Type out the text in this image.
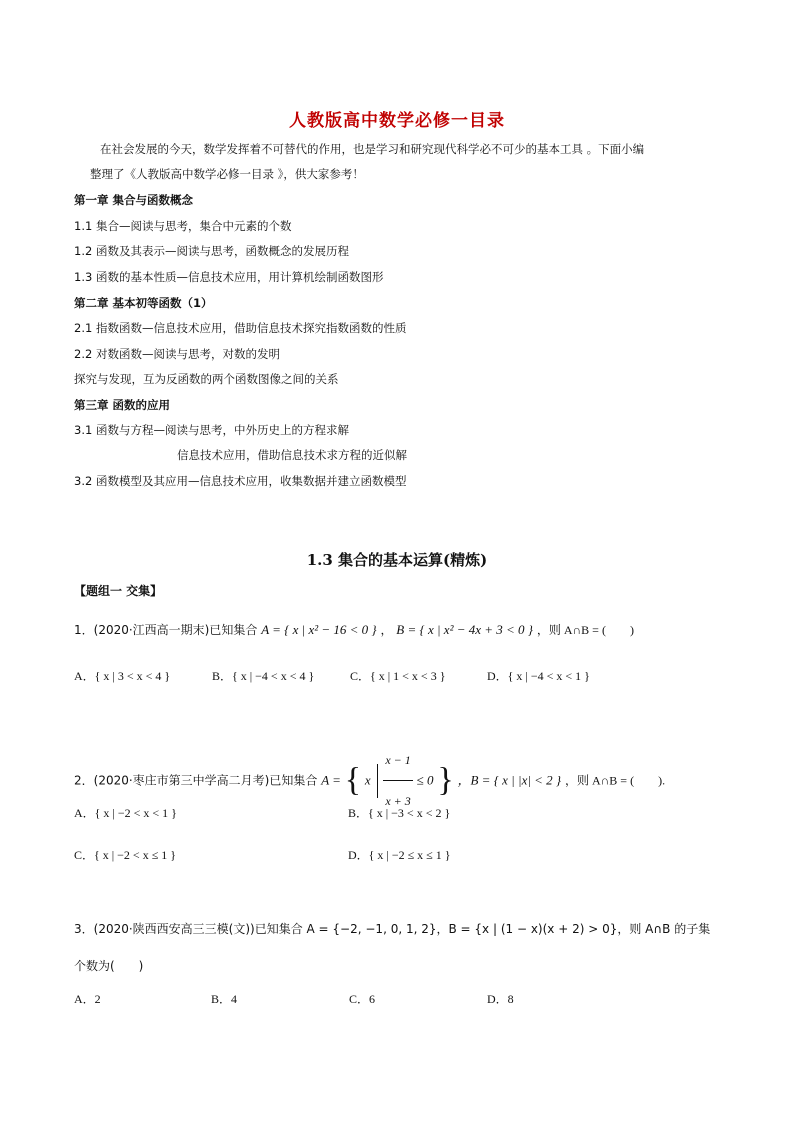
人教版高中数学必修一目录
在社会发展的今天，数学发挥着不可替代的作用，也是学习和研究现代科学必不可少的基本工具 。下面小编
整理了《人教版高中数学必修一目录 》，供大家参考！
第一章 集合与函数概念
1.1 集合—阅读与思考，集合中元素的个数
1.2 函数及其表示—阅读与思考，函数概念的发展历程
1.3 函数的基本性质—信息技术应用，用计算机绘制函数图形
第二章 基本初等函数（1）
2.1 指数函数—信息技术应用，借助信息技术探究指数函数的性质
2.2 对数函数—阅读与思考，对数的发明
探究与发现，互为反函数的两个函数图像之间的关系
第三章 函数的应用
3.1 函数与方程—阅读与思考，中外历史上的方程求解
信息技术应用，借助信息技术求方程的近似解
3.2 函数模型及其应用—信息技术应用，收集数据并建立函数模型
1.3 集合的基本运算(精炼)
【题组一 交集】
1．(2020·江西高一期末)已知集合 A = { x | x² − 16 < 0 } ， B = { x | x² − 4x + 3 < 0 } ，则 A∩B = (　　)
A．{ x | 3 < x < 4 }	B．{ x | −4 < x < 4 }	C．{ x | 1 < x < 3 }	D．{ x | −4 < x < 1 }
2．(2020·枣庄市第三中学高二月考)已知集合 A = { x $\frac{x - 1}{x + 3} \le 0$ } ，B = { x | |x| < 2 } ，则 A∩B = (　　).
A．{ x | −2 < x < 1 }	B．{ x | −3 < x < 2 }
C．{ x | −2 < x ≤ 1 }	D．{ x | −2 ≤ x ≤ 1 }
3．(2020·陕西西安高三三模(文))已知集合 A = {−2, −1, 0, 1, 2}，B = {x | (1 − x)(x + 2) > 0}，则 A∩B 的子集
个数为(　　)
A．2	B．4	C．6	D．8
